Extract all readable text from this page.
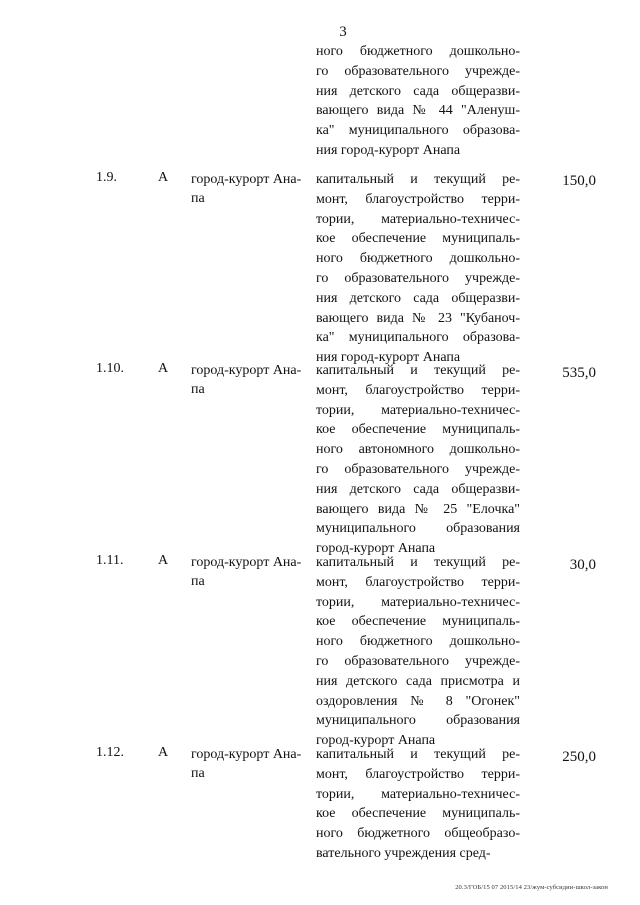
3
ного бюджетного дошкольно-
го образовательного учрежде-
ния детского сада общеразви-
вающего вида № 44 "Аленуш-
ка" муниципального образова-
ния город-курорт Анапа
1.9.	А город-курорт Ана-
па
капитальный и текущий ре-
монт, благоустройство терри-
тории, материально-техничес-
кое обеспечение муниципаль-
ного бюджетного дошкольно-
го образовательного учрежде-
ния детского сада общеразви-
вающего вида № 23 "Кубаноч-
ка" муниципального образова-
ния город-курорт Анапа
150,0
1.10. А город-курорт Ана-
па
капитальный и текущий ре-
монт, благоустройство терри-
тории, материально-техничес-
кое обеспечение муниципаль-
ного автономного дошкольно-
го образовательного учрежде-
ния детского сада общеразви-
вающего вида № 25 "Елочка"
муниципального образования
город-курорт Анапа
535,0
1.11. А город-курорт Ана-
па
капитальный и текущий ре-
монт, благоустройство терри-
тории, материально-техничес-
кое обеспечение муниципаль-
ного бюджетного дошкольно-
го образовательного учрежде-
ния детского сада присмотра и
оздоровления № 8 "Огонек"
муниципального образования
город-курорт Анапа
30,0
1.12. А город-курорт Ана-
па
капитальный и текущий ре-
монт, благоустройство терри-
тории, материально-техничес-
кое обеспечение муниципаль-
ного бюджетного общеобразо-
вательного учреждения сред-
250,0
20.3/ГОБ/15 07 2015/14 23/жум-субсидии-школ-закон
